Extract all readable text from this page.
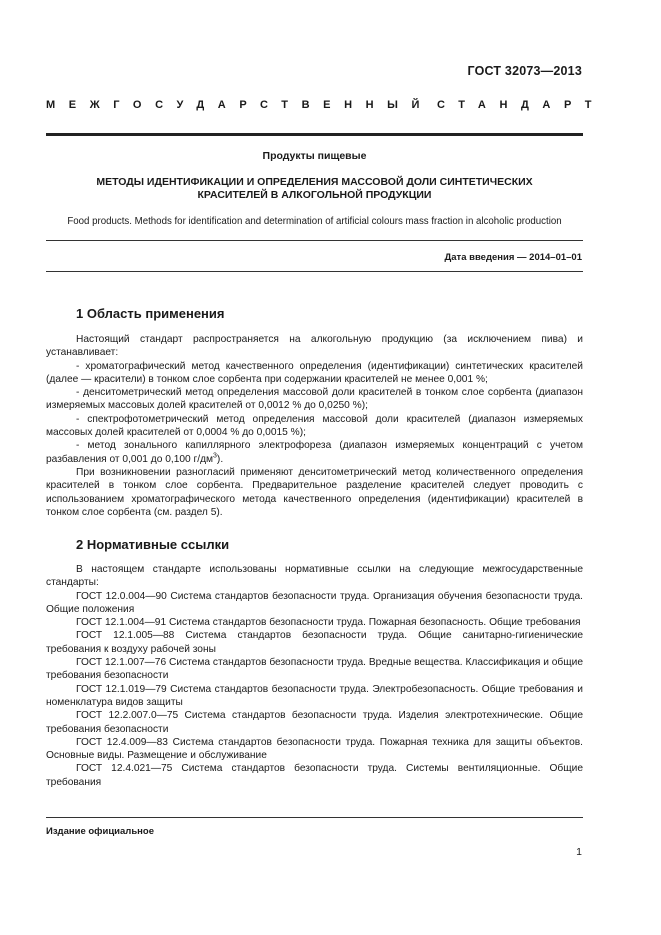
ГОСТ 32073—2013
МЕЖГОСУДАРСТВЕННЫЙ СТАНДАРТ
Продукты пищевые
МЕТОДЫ ИДЕНТИФИКАЦИИ И ОПРЕДЕЛЕНИЯ МАССОВОЙ ДОЛИ СИНТЕТИЧЕСКИХ
КРАСИТЕЛЕЙ В АЛКОГОЛЬНОЙ ПРОДУКЦИИ
Food products. Methods for identification and determination of artificial colours mass fraction in alcoholic production
Дата введения — 2014–01–01
1 Область применения

Настоящий стандарт распространяется на алкогольную продукцию (за исключением пива) и устанавливает:

- хроматографический метод качественного определения (идентификации) синтетических красителей (далее — красители) в тонком слое сорбента при содержании красителей не менее 0,001 %;

- денситометрический метод определения массовой доли красителей в тонком слое сорбента (диапазон измеряемых массовых долей красителей от 0,0012 % до 0,0250 %);

- спектрофотометрический метод определения массовой доли красителей (диапазон измеряемых массовых долей красителей от 0,0004 % до 0,0015 %);

- метод зонального капиллярного электрофореза (диапазон измеряемых концентраций с учетом разбавления от 0,001 до 0,100 $г/дм^3$).

При возникновении разногласий применяют денситометрический метод количественного определения красителей в тонком слое сорбента. Предварительное разделение красителей следует проводить с использованием хроматографического метода качественного определения (идентификации) красителей в тонком слое сорбента (см. раздел 5).

2 Нормативные ссылки

В настоящем стандарте использованы нормативные ссылки на следующие межгосударственные стандарты:

ГОСТ 12.0.004—90 Система стандартов безопасности труда. Организация обучения безопасности труда. Общие положения

ГОСТ 12.1.004—91 Система стандартов безопасности труда. Пожарная безопасность. Общие требования

ГОСТ 12.1.005—88 Система стандартов безопасности труда. Общие санитарно-гигиенические требования к воздуху рабочей зоны

ГОСТ 12.1.007—76 Система стандартов безопасности труда. Вредные вещества. Классификация и общие требования безопасности

ГОСТ 12.1.019—79 Система стандартов безопасности труда. Электробезопасность. Общие требования и номенклатура видов защиты

ГОСТ 12.2.007.0—75 Система стандартов безопасности труда. Изделия электротехнические. Общие требования безопасности

ГОСТ 12.4.009—83 Система стандартов безопасности труда. Пожарная техника для защиты объектов. Основные виды. Размещение и обслуживание

ГОСТ 12.4.021—75 Система стандартов безопасности труда. Системы вентиляционные. Общие требования

Издание официальное
1
